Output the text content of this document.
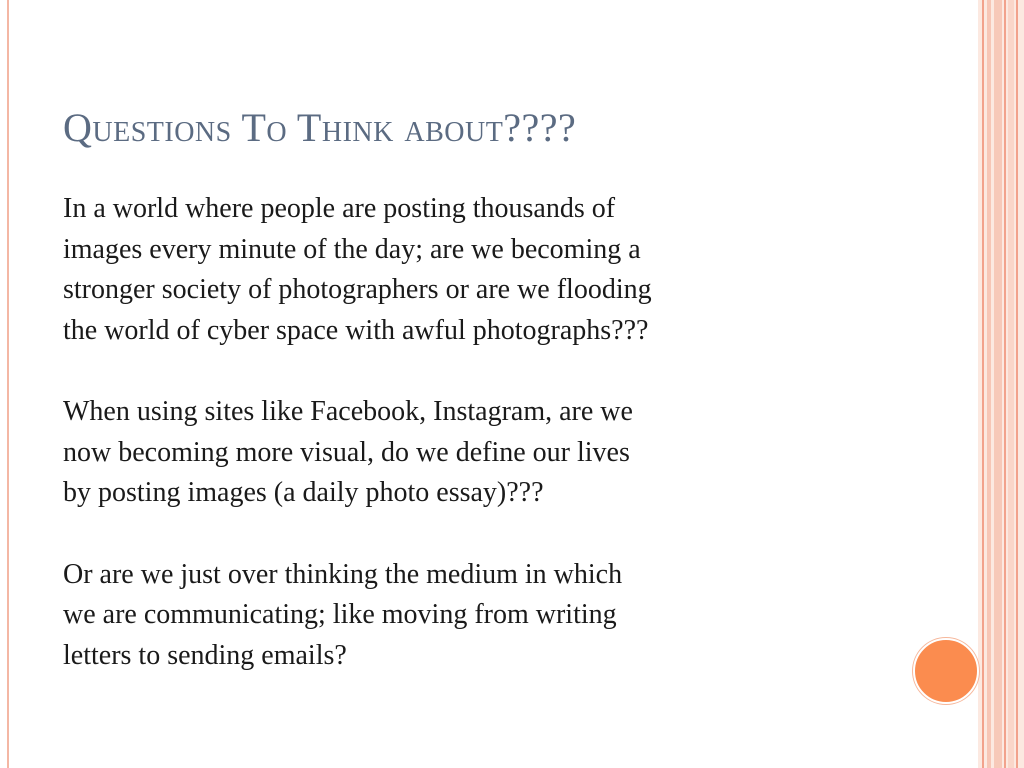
Questions To Think about????

In a world where people are posting thousands of
images every minute of the day; are we becoming a
stronger society of photographers or are we flooding
the world of cyber space with awful photographs???

When using sites like Facebook, Instagram, are we
now becoming more visual, do we define our lives
by posting images (a daily photo essay)???

Or are we just over thinking the medium in which
we are communicating; like moving from writing
letters to sending emails?
